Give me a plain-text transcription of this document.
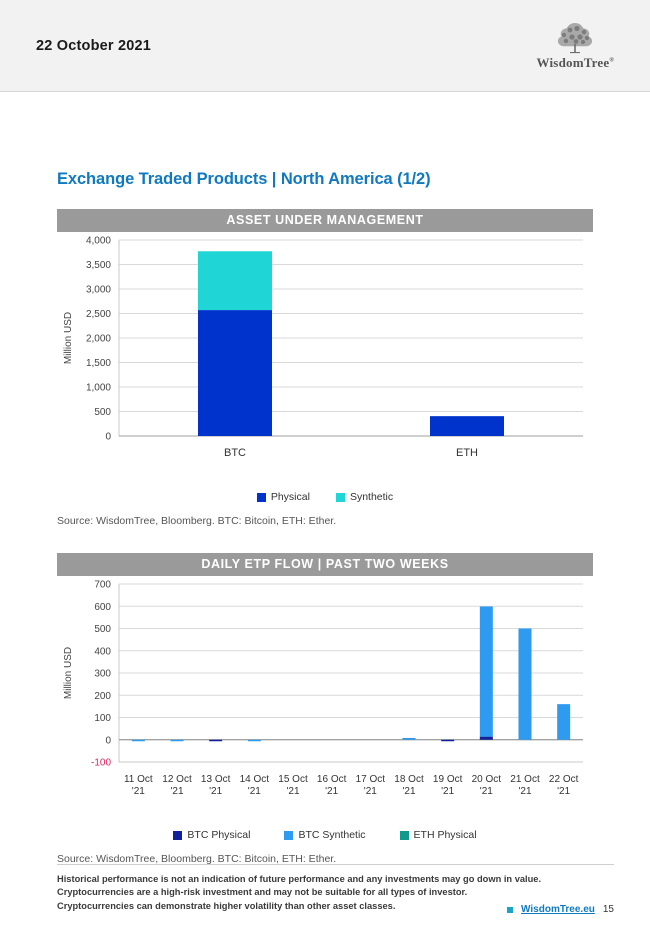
22 October 2021
WisdomTree®
Exchange Traded Products | North America (1/2)
ASSET UNDER MANAGEMENT
0
500
1,000
1,500
2,000
2,500
3,000
3,500
4,000
BTC	ETH
Million USD
Physical	Synthetic
Source: WisdomTree, Bloomberg. BTC: Bitcoin, ETH: Ether.
DAILY ETP FLOW | PAST TWO WEEKS
-100
0
100
200
300
400
500
600
700
11 Oct
'21
12 Oct
'21
13 Oct
'21
14 Oct
'21
15 Oct
'21
16 Oct
'21
17 Oct
'21
18 Oct
'21
19 Oct
'21
20 Oct
'21
21 Oct
'21
22 Oct
'21
Million USD
BTC Physical	BTC Synthetic	ETH Physical
Source: WisdomTree, Bloomberg. BTC: Bitcoin, ETH: Ether.

Historical performance is not an indication of future performance and any investments may go down in value.

Cryptocurrencies are a high-risk investment and may not be suitable for all types of investor.

Cryptocurrencies can demonstrate higher volatility than other asset classes.	WisdomTree.eu 15
